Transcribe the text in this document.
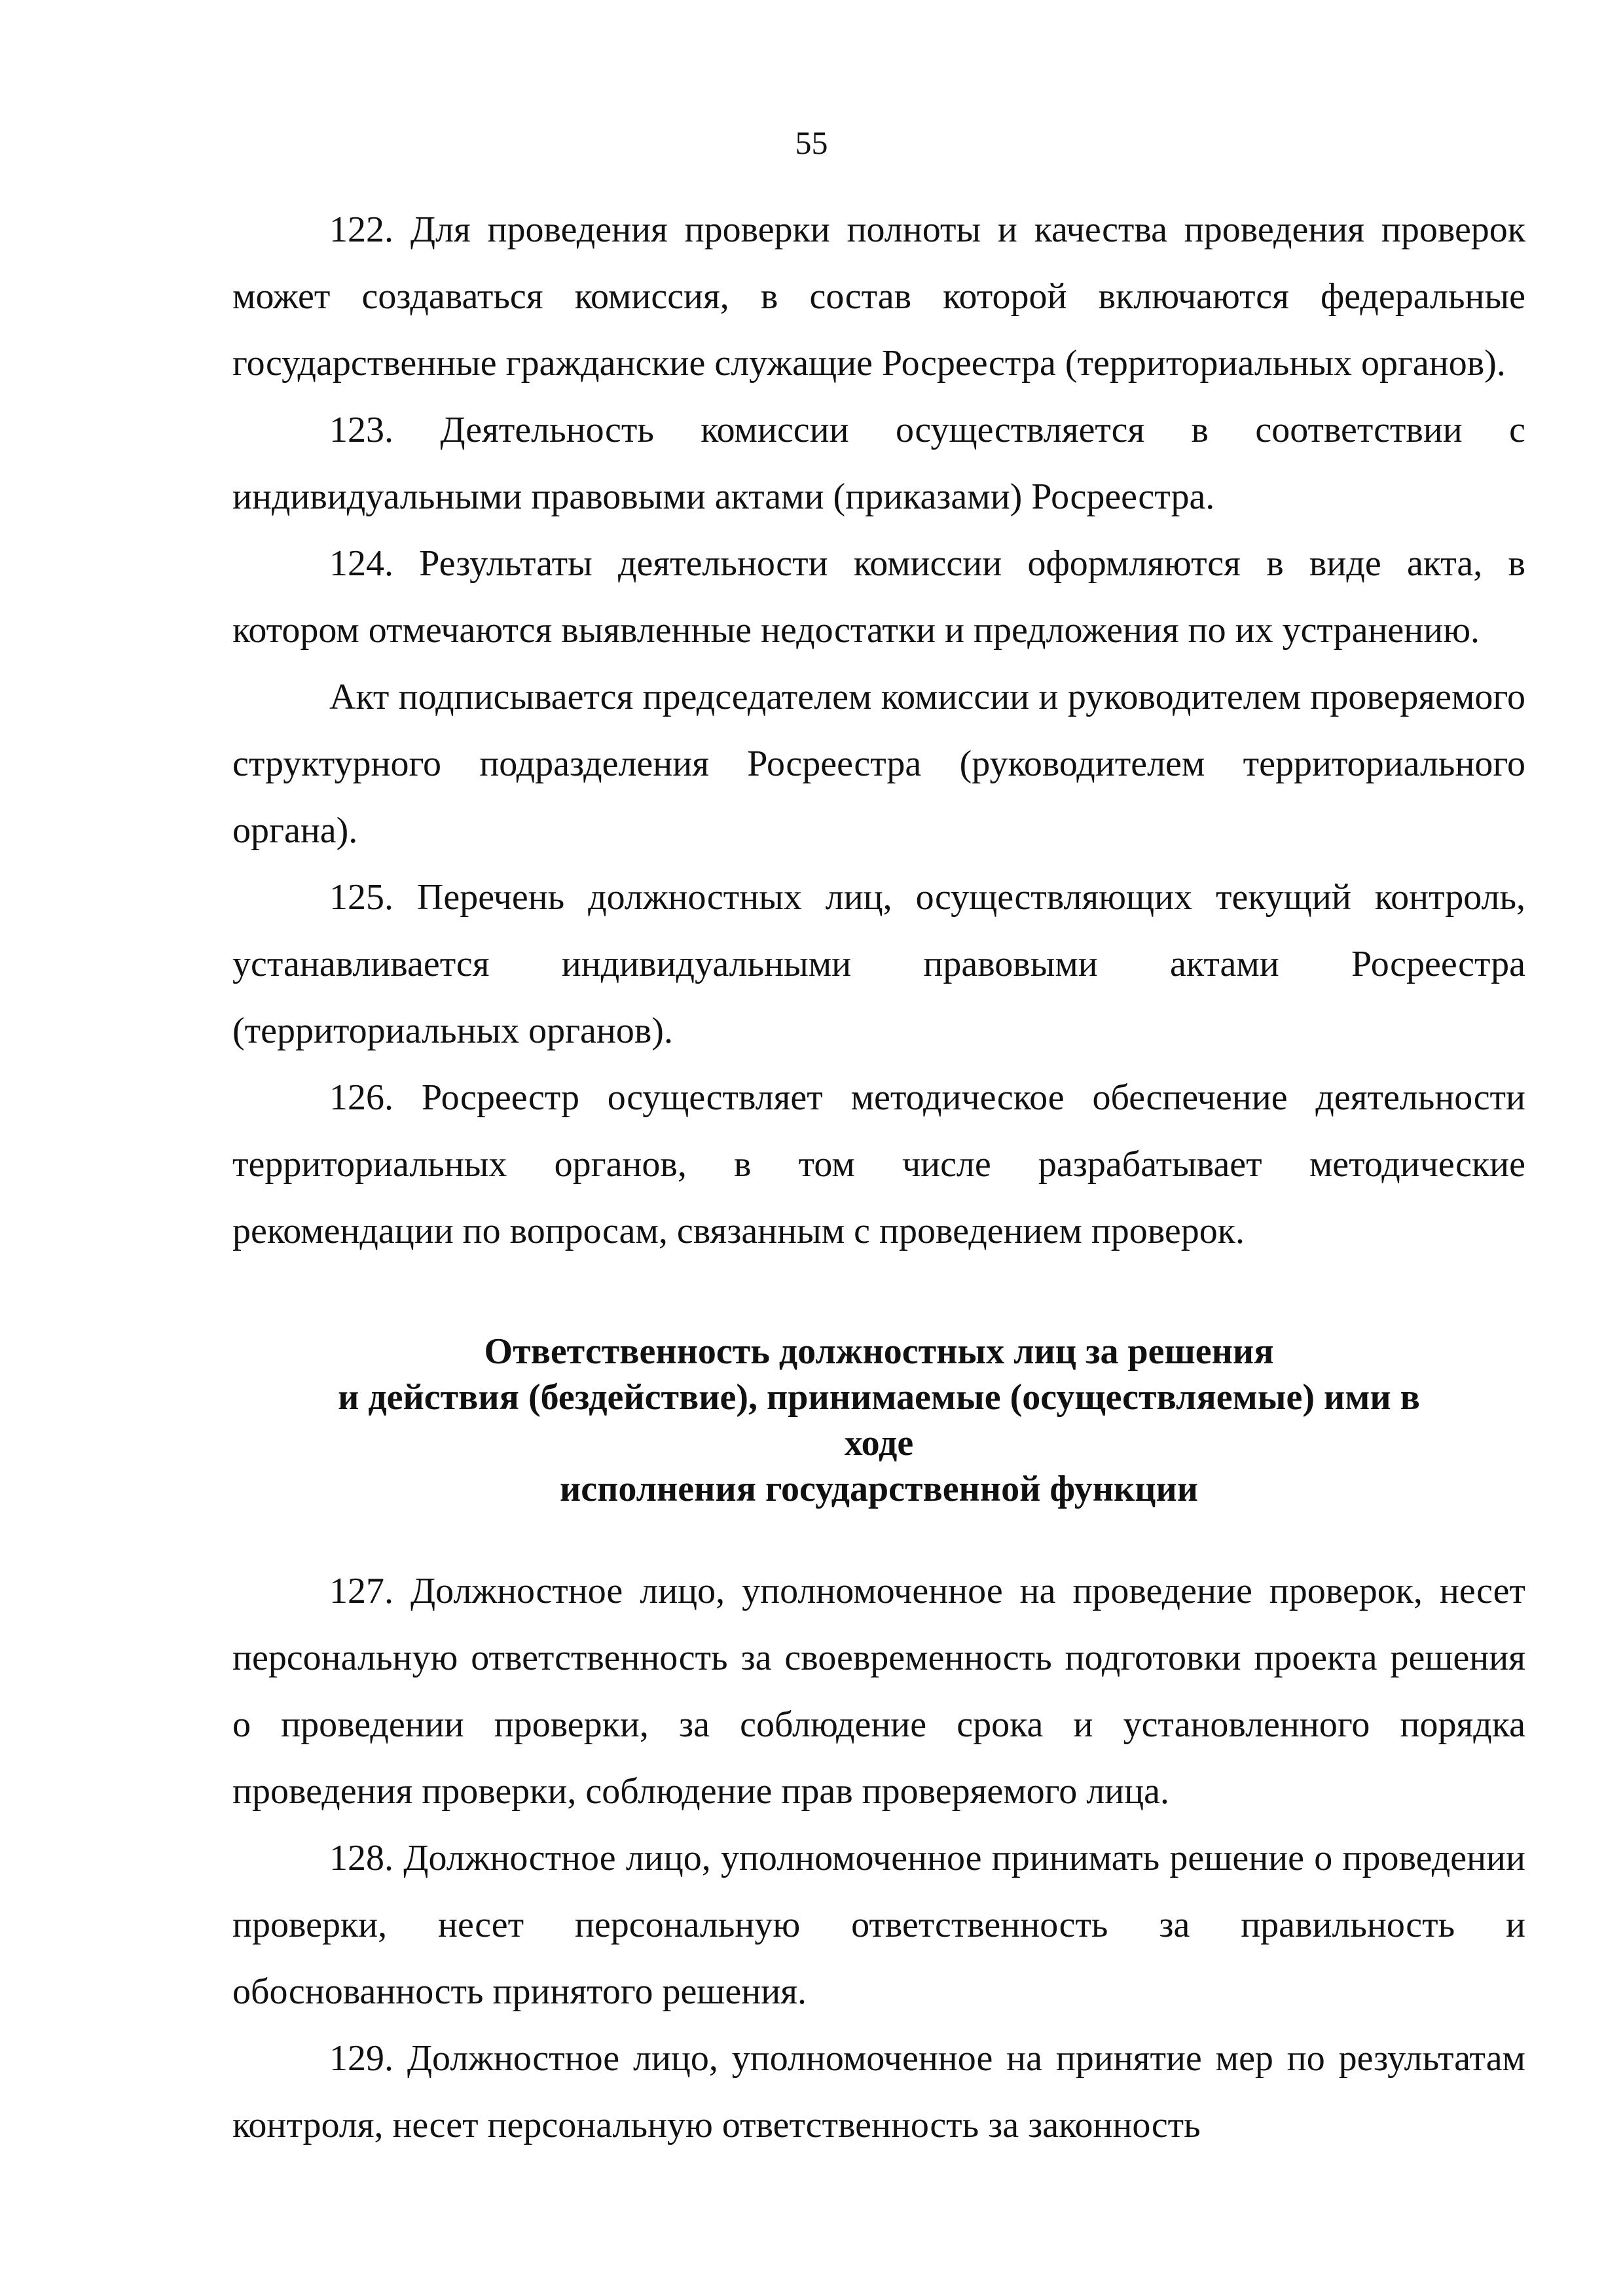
55

122. Для проведения проверки полноты и качества проведения проверок может создаваться комиссия, в состав которой включаются федеральные государственные гражданские служащие Росреестра (территориальных органов).

123. Деятельность комиссии осуществляется в соответствии с индивидуальными правовыми актами (приказами) Росреестра.

124. Результаты деятельности комиссии оформляются в виде акта, в котором отмечаются выявленные недостатки и предложения по их устранению.

Акт подписывается председателем комиссии и руководителем проверяемого структурного подразделения Росреестра (руководителем территориального органа).

125. Перечень должностных лиц, осуществляющих текущий контроль, устанавливается индивидуальными правовыми актами Росреестра (территориальных органов).

126. Росреестр осуществляет методическое обеспечение деятельности территориальных органов, в том числе разрабатывает методические рекомендации по вопросам, связанным с проведением проверок.

Ответственность должностных лиц за решения
и действия (бездействие), принимаемые (осуществляемые) ими в ходе
исполнения государственной функции

127. Должностное лицо, уполномоченное на проведение проверок, несет персональную ответственность за своевременность подготовки проекта решения о проведении проверки, за соблюдение срока и установленного порядка проведения проверки, соблюдение прав проверяемого лица.

128. Должностное лицо, уполномоченное принимать решение о проведении проверки, несет персональную ответственность за правильность и обоснованность принятого решения.

129. Должностное лицо, уполномоченное на принятие мер по результатам контроля, несет персональную ответственность за законность
